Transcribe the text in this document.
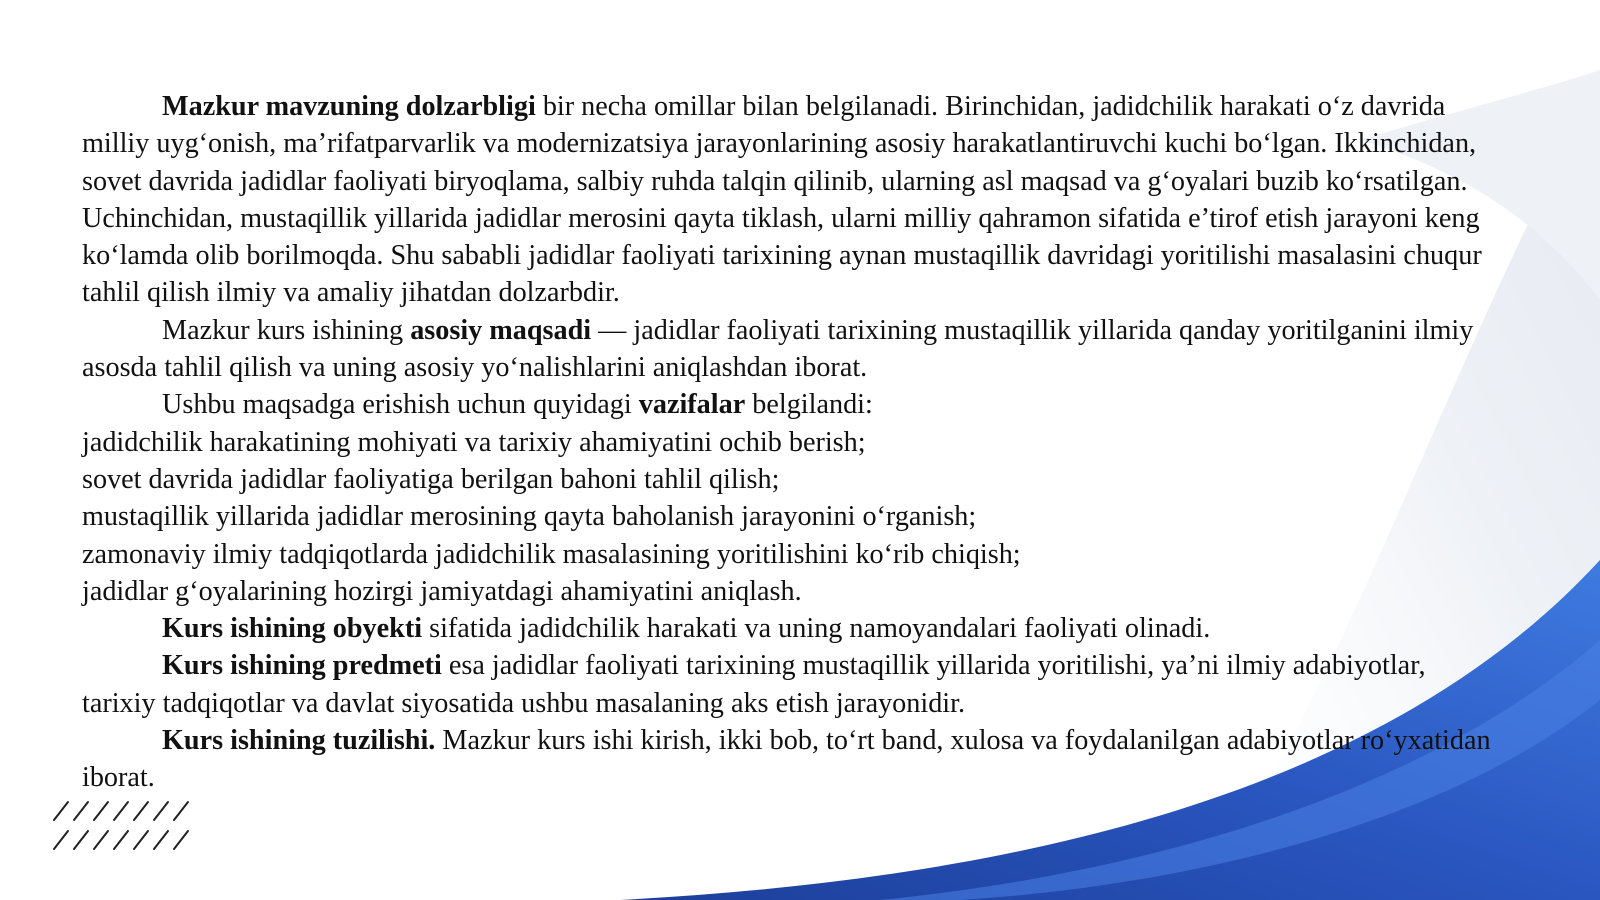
Mazkur mavzuning dolzarbligi bir necha omillar bilan belgilanadi. Birinchidan, jadidchilik harakati o‘z davrida milliy uyg‘onish, ma’rifatparvarlik va modernizatsiya jarayonlarining asosiy harakatlantiruvchi kuchi bo‘lgan. Ikkinchidan, sovet davrida jadidlar faoliyati biryoqlama, salbiy ruhda talqin qilinib, ularning asl maqsad va g‘oyalari buzib ko‘rsatilgan. Uchinchidan, mustaqillik yillarida jadidlar merosini qayta tiklash, ularni milliy qahramon sifatida e’tirof etish jarayoni keng ko‘lamda olib borilmoqda. Shu sababli jadidlar faoliyati tarixining aynan mustaqillik davridagi yoritilishi masalasini chuqur tahlil qilish ilmiy va amaliy jihatdan dolzarbdir.

Mazkur kurs ishining asosiy maqsadi — jadidlar faoliyati tarixining mustaqillik yillarida qanday yoritilganini ilmiy asosda tahlil qilish va uning asosiy yo‘nalishlarini aniqlashdan iborat.

Ushbu maqsadga erishish uchun quyidagi vazifalar belgilandi:

jadidchilik harakatining mohiyati va tarixiy ahamiyatini ochib berish;

sovet davrida jadidlar faoliyatiga berilgan bahoni tahlil qilish;

mustaqillik yillarida jadidlar merosining qayta baholanish jarayonini o‘rganish;

zamonaviy ilmiy tadqiqotlarda jadidchilik masalasining yoritilishini ko‘rib chiqish;

jadidlar g‘oyalarining hozirgi jamiyatdagi ahamiyatini aniqlash.

Kurs ishining obyekti sifatida jadidchilik harakati va uning namoyandalari faoliyati olinadi.

Kurs ishining predmeti esa jadidlar faoliyati tarixining mustaqillik yillarida yoritilishi, ya’ni ilmiy adabiyotlar, tarixiy tadqiqotlar va davlat siyosatida ushbu masalaning aks etish jarayonidir.

Kurs ishining tuzilishi. Mazkur kurs ishi kirish, ikki bob, to‘rt band, xulosa va foydalanilgan adabiyotlar ro‘yxatidan iborat.
